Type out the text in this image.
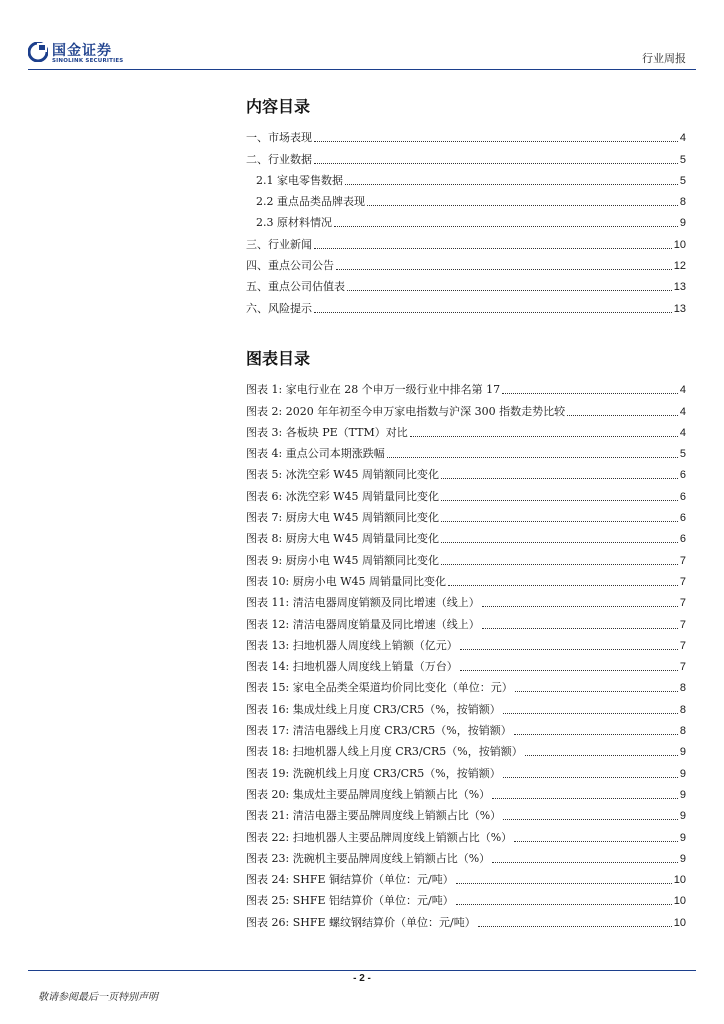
国金证券
SINOLINK SECURITIES	行业周报
内容目录
一、市场表现	4
二、行业数据	5
2.1 家电零售数据	5
2.2 重点品类品牌表现	8
2.3 原材料情况	9
三、行业新闻	10
四、重点公司公告	12
五、重点公司估值表	13
六、风险提示	13
图表目录
图表 1: 家电行业在 28 个申万一级行业中排名第 17	4
图表 2: 2020 年年初至今申万家电指数与沪深 300 指数走势比较	4
图表 3: 各板块 PE（TTM）对比	4
图表 4: 重点公司本期涨跌幅	5
图表 5: 冰洗空彩 W45 周销额同比变化	6
图表 6: 冰洗空彩 W45 周销量同比变化	6
图表 7: 厨房大电 W45 周销额同比变化	6
图表 8: 厨房大电 W45 周销量同比变化	6
图表 9: 厨房小电 W45 周销额同比变化	7
图表 10: 厨房小电 W45 周销量同比变化	7
图表 11: 清洁电器周度销额及同比增速（线上）	7
图表 12: 清洁电器周度销量及同比增速（线上）	7
图表 13: 扫地机器人周度线上销额（亿元）	7
图表 14: 扫地机器人周度线上销量（万台）	7
图表 15: 家电全品类全渠道均价同比变化（单位：元）	8
图表 16: 集成灶线上月度 CR3/CR5（%，按销额）	8
图表 17: 清洁电器线上月度 CR3/CR5（%，按销额）	8
图表 18: 扫地机器人线上月度 CR3/CR5（%，按销额）	9
图表 19: 洗碗机线上月度 CR3/CR5（%，按销额）	9
图表 20: 集成灶主要品牌周度线上销额占比（%）	9
图表 21: 清洁电器主要品牌周度线上销额占比（%）	9
图表 22: 扫地机器人主要品牌周度线上销额占比（%）	9
图表 23: 洗碗机主要品牌周度线上销额占比（%）	9
图表 24: SHFE 铜结算价（单位：元/吨）	10
图表 25: SHFE 铝结算价（单位：元/吨）	10
图表 26: SHFE 螺纹钢结算价（单位：元/吨）	10
- 2 -
敬请参阅最后一页特别声明
